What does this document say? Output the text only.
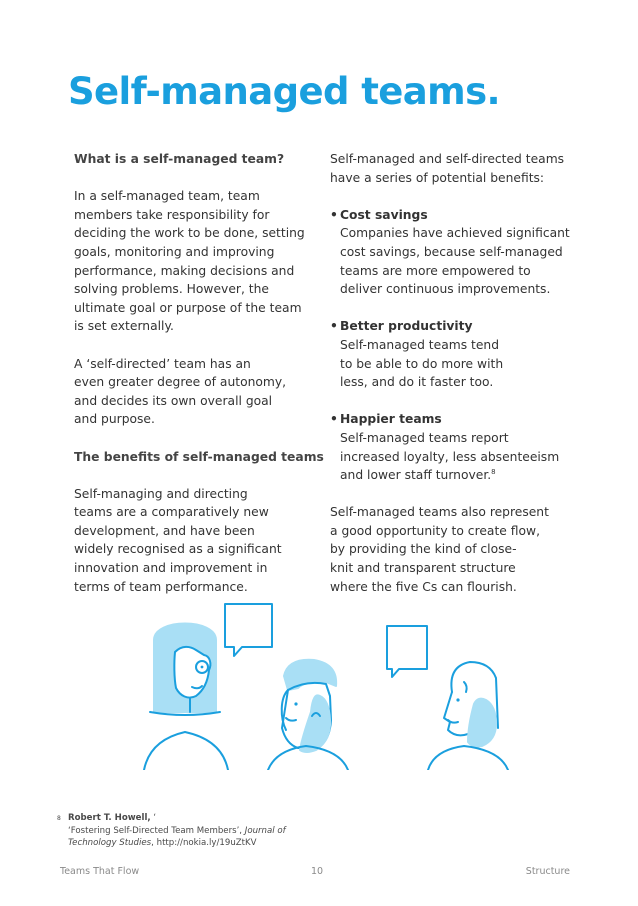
Self-managed teams.
What is a self-managed team?
In a self-managed team, team
members take responsibility for
deciding the work to be done, setting
goals, monitoring and improving
performance, making decisions and
solving problems. However, the
ultimate goal or purpose of the team
is set externally.
A ‘self-directed’ team has an
even greater degree of autonomy,
and decides its own overall goal
and purpose.
The benefits of self-managed teams
Self-managing and directing
teams are a comparatively new
development, and have been
widely recognised as a significant
innovation and improvement in
terms of team performance.
Self-managed and self-directed teams
have a series of potential benefits:
• Cost savings
Companies have achieved significant
cost savings, because self-managed
teams are more empowered to
deliver continuous improvements.
• Better productivity
Self-managed teams tend
to be able to do more with
less, and do it faster too.
• Happier teams
Self-managed teams report
increased loyalty, less absenteeism
and lower staff turnover.$^8$
Self-managed teams also represent
a good opportunity to create flow,
by providing the kind of close-
knit and transparent structure
where the five Cs can flourish.
8 Robert T. Howell, ‘
‘Fostering Self-Directed Team Members’, Journal of
Technology Studies, http://nokia.ly/19uZtKV
Teams That Flow	10	Structure
